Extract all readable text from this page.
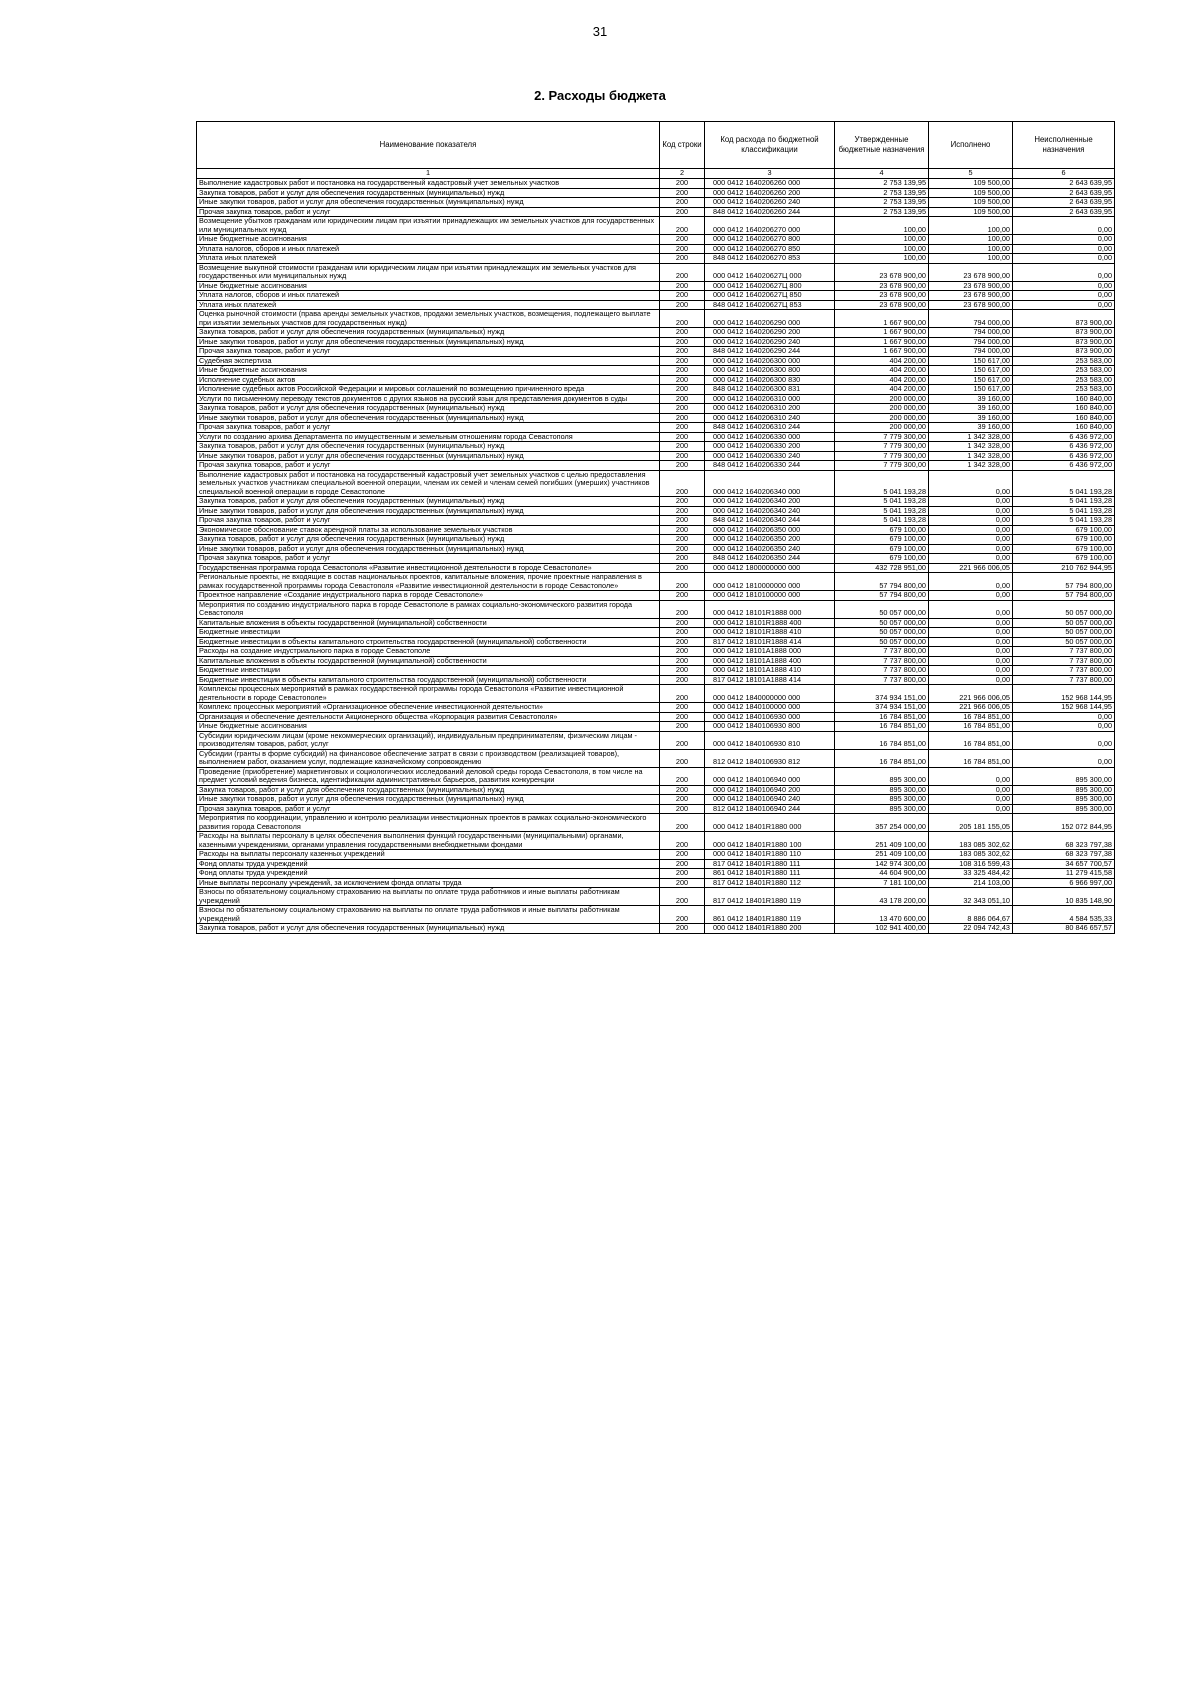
31
2. Расходы бюджета
Наименование показателя	Код строки	Код расхода по бюджетной классификации	Утвержденные бюджетные назначения	Исполнено	Неисполненные назначения
1	2	3	4	5	6
Выполнение кадастровых работ и постановка на государственный кадастровый учет земельных участков	200	000 0412 1640206260 000	2 753 139,95	109 500,00	2 643 639,95
Закупка товаров, работ и услуг для обеспечения государственных (муниципальных) нужд	200	000 0412 1640206260 200	2 753 139,95	109 500,00	2 643 639,95
Иные закупки товаров, работ и услуг для обеспечения государственных (муниципальных) нужд	200	000 0412 1640206260 240	2 753 139,95	109 500,00	2 643 639,95
Прочая закупка товаров, работ и услуг	200	848 0412 1640206260 244	2 753 139,95	109 500,00	2 643 639,95
Возмещение убытков гражданам или юридическим лицам при изъятии принадлежащих им земельных участков для государственных или муниципальных нужд	200	000 0412 1640206270 000	100,00	100,00	0,00
Иные бюджетные ассигнования	200	000 0412 1640206270 800	100,00	100,00	0,00
Уплата налогов, сборов и иных платежей	200	000 0412 1640206270 850	100,00	100,00	0,00
Уплата иных платежей	200	848 0412 1640206270 853	100,00	100,00	0,00
Возмещение выкупной стоимости гражданам или юридическим лицам при изъятии принадлежащих им земельных участков для государственных или муниципальных нужд	200	000 0412 164020627Ц 000	23 678 900,00	23 678 900,00	0,00
Иные бюджетные ассигнования	200	000 0412 164020627Ц 800	23 678 900,00	23 678 900,00	0,00
Уплата налогов, сборов и иных платежей	200	000 0412 164020627Ц 850	23 678 900,00	23 678 900,00	0,00
Уплата иных платежей	200	848 0412 164020627Ц 853	23 678 900,00	23 678 900,00	0,00
Оценка рыночной стоимости (права аренды земельных участков, продажи земельных участков, возмещения, подлежащего выплате при изъятии земельных участков для государственных нужд)	200	000 0412 1640206290 000	1 667 900,00	794 000,00	873 900,00
Закупка товаров, работ и услуг для обеспечения государственных (муниципальных) нужд	200	000 0412 1640206290 200	1 667 900,00	794 000,00	873 900,00
Иные закупки товаров, работ и услуг для обеспечения государственных (муниципальных) нужд	200	000 0412 1640206290 240	1 667 900,00	794 000,00	873 900,00
Прочая закупка товаров, работ и услуг	200	848 0412 1640206290 244	1 667 900,00	794 000,00	873 900,00
Судебная экспертиза	200	000 0412 1640206300 000	404 200,00	150 617,00	253 583,00
Иные бюджетные ассигнования	200	000 0412 1640206300 800	404 200,00	150 617,00	253 583,00
Исполнение судебных актов	200	000 0412 1640206300 830	404 200,00	150 617,00	253 583,00
Исполнение судебных актов Российской Федерации и мировых соглашений по возмещению причиненного вреда	200	848 0412 1640206300 831	404 200,00	150 617,00	253 583,00
Услуги по письменному переводу текстов документов с других языков на русский язык для представления документов в суды	200	000 0412 1640206310 000	200 000,00	39 160,00	160 840,00
Закупка товаров, работ и услуг для обеспечения государственных (муниципальных) нужд	200	000 0412 1640206310 200	200 000,00	39 160,00	160 840,00
Иные закупки товаров, работ и услуг для обеспечения государственных (муниципальных) нужд	200	000 0412 1640206310 240	200 000,00	39 160,00	160 840,00
Прочая закупка товаров, работ и услуг	200	848 0412 1640206310 244	200 000,00	39 160,00	160 840,00
Услуги по созданию архива Департамента по имущественным и земельным отношениям города Севастополя	200	000 0412 1640206330 000	7 779 300,00	1 342 328,00	6 436 972,00
Закупка товаров, работ и услуг для обеспечения государственных (муниципальных) нужд	200	000 0412 1640206330 200	7 779 300,00	1 342 328,00	6 436 972,00
Иные закупки товаров, работ и услуг для обеспечения государственных (муниципальных) нужд	200	000 0412 1640206330 240	7 779 300,00	1 342 328,00	6 436 972,00
Прочая закупка товаров, работ и услуг	200	848 0412 1640206330 244	7 779 300,00	1 342 328,00	6 436 972,00
Выполнение кадастровых работ и постановка на государственный кадастровый учет земельных участков с целью предоставления земельных участков участникам специальной военной операции, членам их семей и членам семей погибших (умерших) участников специальной военной операции в городе Севастополе	200	000 0412 1640206340 000	5 041 193,28	0,00	5 041 193,28
Закупка товаров, работ и услуг для обеспечения государственных (муниципальных) нужд	200	000 0412 1640206340 200	5 041 193,28	0,00	5 041 193,28
Иные закупки товаров, работ и услуг для обеспечения государственных (муниципальных) нужд	200	000 0412 1640206340 240	5 041 193,28	0,00	5 041 193,28
Прочая закупка товаров, работ и услуг	200	848 0412 1640206340 244	5 041 193,28	0,00	5 041 193,28
Экономическое обоснование ставок арендной платы за использование земельных участков	200	000 0412 1640206350 000	679 100,00	0,00	679 100,00
Закупка товаров, работ и услуг для обеспечения государственных (муниципальных) нужд	200	000 0412 1640206350 200	679 100,00	0,00	679 100,00
Иные закупки товаров, работ и услуг для обеспечения государственных (муниципальных) нужд	200	000 0412 1640206350 240	679 100,00	0,00	679 100,00
Прочая закупка товаров, работ и услуг	200	848 0412 1640206350 244	679 100,00	0,00	679 100,00
Государственная программа города Севастополя «Развитие инвестиционной деятельности в городе Севастополе»	200	000 0412 1800000000 000	432 728 951,00	221 966 006,05	210 762 944,95
Региональные проекты, не входящие в состав национальных проектов, капитальные вложения, прочие проектные направления в рамках государственной программы города Севастополя «Развитие инвестиционной деятельности в городе Севастополе»	200	000 0412 1810000000 000	57 794 800,00	0,00	57 794 800,00
Проектное направление «Создание индустриального парка в городе Севастополе»	200	000 0412 1810100000 000	57 794 800,00	0,00	57 794 800,00
Мероприятия по созданию индустриального парка в городе Севастополе в рамках социально-экономического развития города Севастополя	200	000 0412 18101R1888 000	50 057 000,00	0,00	50 057 000,00
Капитальные вложения в объекты государственной (муниципальной) собственности	200	000 0412 18101R1888 400	50 057 000,00	0,00	50 057 000,00
Бюджетные инвестиции	200	000 0412 18101R1888 410	50 057 000,00	0,00	50 057 000,00
Бюджетные инвестиции в объекты капитального строительства государственной (муниципальной) собственности	200	817 0412 18101R1888 414	50 057 000,00	0,00	50 057 000,00
Расходы на создание индустриального парка в городе Севастополе	200	000 0412 18101A1888 000	7 737 800,00	0,00	7 737 800,00
Капитальные вложения в объекты государственной (муниципальной) собственности	200	000 0412 18101A1888 400	7 737 800,00	0,00	7 737 800,00
Бюджетные инвестиции	200	000 0412 18101A1888 410	7 737 800,00	0,00	7 737 800,00
Бюджетные инвестиции в объекты капитального строительства государственной (муниципальной) собственности	200	817 0412 18101A1888 414	7 737 800,00	0,00	7 737 800,00
Комплексы процессных мероприятий в рамках государственной программы города Севастополя «Развитие инвестиционной деятельности в городе Севастополе»	200	000 0412 1840000000 000	374 934 151,00	221 966 006,05	152 968 144,95
Комплекс процессных мероприятий «Организационное обеспечение инвестиционной деятельности»	200	000 0412 1840100000 000	374 934 151,00	221 966 006,05	152 968 144,95
Организация и обеспечение деятельности Акционерного общества «Корпорация развития Севастополя»	200	000 0412 1840106930 000	16 784 851,00	16 784 851,00	0,00
Иные бюджетные ассигнования	200	000 0412 1840106930 800	16 784 851,00	16 784 851,00	0,00
Субсидии юридическим лицам (кроме некоммерческих организаций), индивидуальным предпринимателям, физическим лицам - производителям товаров, работ, услуг	200	000 0412 1840106930 810	16 784 851,00	16 784 851,00	0,00
Субсидии (гранты в форме субсидий) на финансовое обеспечение затрат в связи с производством (реализацией товаров), выполнением работ, оказанием услуг, подлежащие казначейскому сопровождению	200	812 0412 1840106930 812	16 784 851,00	16 784 851,00	0,00
Проведение (приобретение) маркетинговых и социологических исследований деловой среды города Севастополя, в том числе на предмет условий ведения бизнеса, идентификации административных барьеров, развития конкуренции	200	000 0412 1840106940 000	895 300,00	0,00	895 300,00
Закупка товаров, работ и услуг для обеспечения государственных (муниципальных) нужд	200	000 0412 1840106940 200	895 300,00	0,00	895 300,00
Иные закупки товаров, работ и услуг для обеспечения государственных (муниципальных) нужд	200	000 0412 1840106940 240	895 300,00	0,00	895 300,00
Прочая закупка товаров, работ и услуг	200	812 0412 1840106940 244	895 300,00	0,00	895 300,00
Мероприятия по координации, управлению и контролю реализации инвестиционных проектов в рамках социально-экономического развития города Севастополя	200	000 0412 18401R1880 000	357 254 000,00	205 181 155,05	152 072 844,95
Расходы на выплаты персоналу в целях обеспечения выполнения функций государственными (муниципальными) органами, казенными учреждениями, органами управления государственными внебюджетными фондами	200	000 0412 18401R1880 100	251 409 100,00	183 085 302,62	68 323 797,38
Расходы на выплаты персоналу казенных учреждений	200	000 0412 18401R1880 110	251 409 100,00	183 085 302,62	68 323 797,38
Фонд оплаты труда учреждений	200	817 0412 18401R1880 111	142 974 300,00	108 316 599,43	34 657 700,57
Фонд оплаты труда учреждений	200	861 0412 18401R1880 111	44 604 900,00	33 325 484,42	11 279 415,58
Иные выплаты персоналу учреждений, за исключением фонда оплаты труда	200	817 0412 18401R1880 112	7 181 100,00	214 103,00	6 966 997,00
Взносы по обязательному социальному страхованию на выплаты по оплате труда работников и иные выплаты работникам учреждений	200	817 0412 18401R1880 119	43 178 200,00	32 343 051,10	10 835 148,90
Взносы по обязательному социальному страхованию на выплаты по оплате труда работников и иные выплаты работникам учреждений	200	861 0412 18401R1880 119	13 470 600,00	8 886 064,67	4 584 535,33
Закупка товаров, работ и услуг для обеспечения государственных (муниципальных) нужд	200	000 0412 18401R1880 200	102 941 400,00	22 094 742,43	80 846 657,57
